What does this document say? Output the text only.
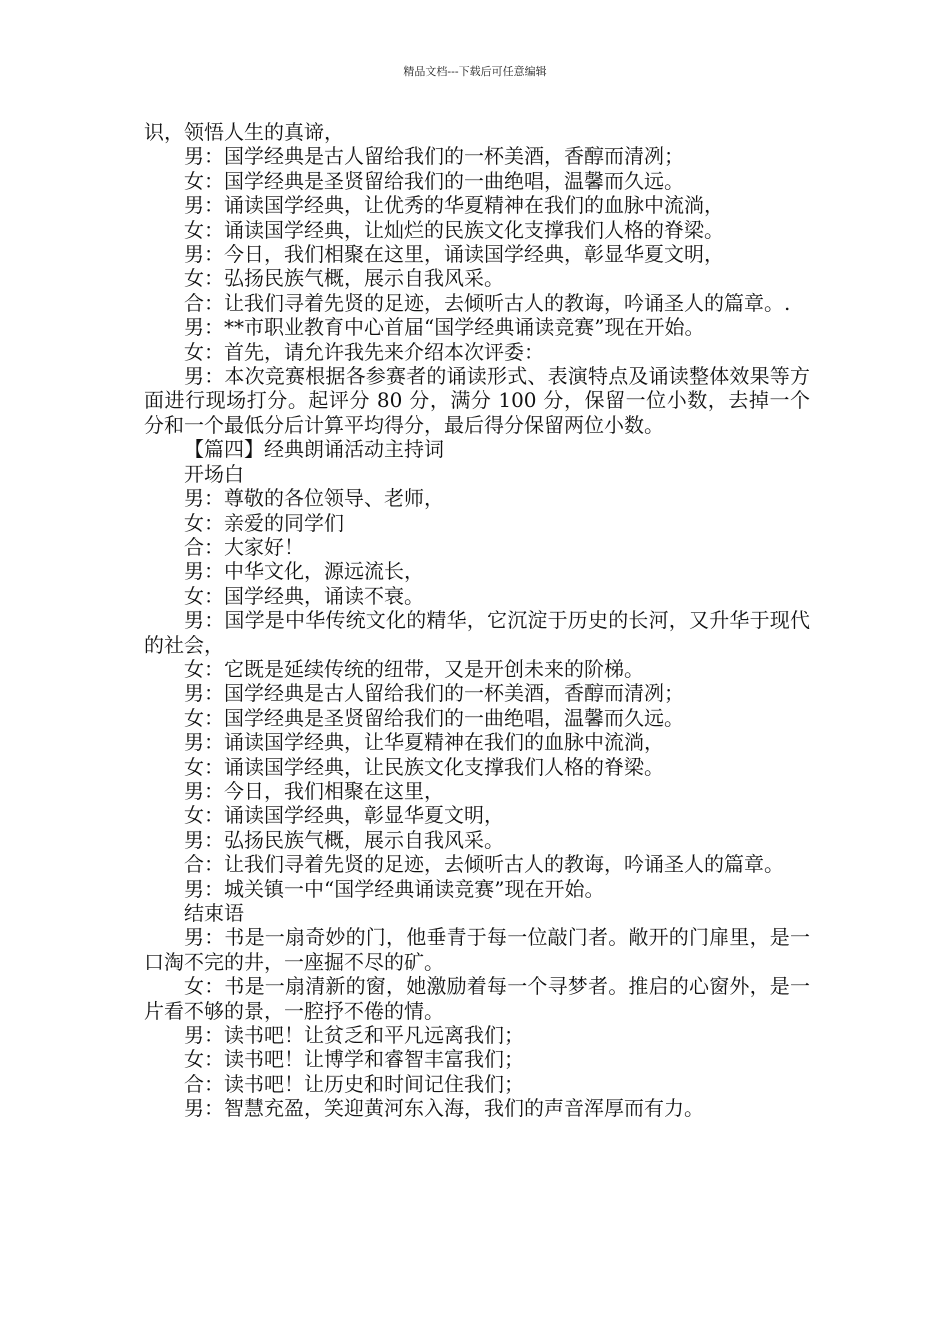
精品文档---下载后可任意编辑

识，领悟人生的真谛，

男：国学经典是古人留给我们的一杯美酒，香醇而清冽；

女：国学经典是圣贤留给我们的一曲绝唱，温馨而久远。

男：诵读国学经典，让优秀的华夏精神在我们的血脉中流淌，

女：诵读国学经典，让灿烂的民族文化支撑我们人格的脊梁。

男：今日，我们相聚在这里，诵读国学经典，彰显华夏文明，

女：弘扬民族气概，展示自我风采。

合：让我们寻着先贤的足迹，去倾听古人的教诲，吟诵圣人的篇章。.

男：**市职业教育中心首届“国学经典诵读竞赛”现在开始。

女：首先，请允许我先来介绍本次评委：

男：本次竞赛根据各参赛者的诵读形式、表演特点及诵读整体效果等方面进行现场打分。起评分 80 分，满分 100 分，保留一位小数，去掉一个分和一个最低分后计算平均得分，最后得分保留两位小数。

【篇四】经典朗诵活动主持词

开场白

男：尊敬的各位领导、老师，

女：亲爱的同学们

合：大家好！

男：中华文化，源远流长，

女：国学经典，诵读不衰。

男：国学是中华传统文化的精华，它沉淀于历史的长河，又升华于现代的社会，

女：它既是延续传统的纽带，又是开创未来的阶梯。

男：国学经典是古人留给我们的一杯美酒，香醇而清冽；

女：国学经典是圣贤留给我们的一曲绝唱，温馨而久远。

男：诵读国学经典，让华夏精神在我们的血脉中流淌，

女：诵读国学经典，让民族文化支撑我们人格的脊梁。

男：今日，我们相聚在这里，

女：诵读国学经典，彰显华夏文明，

男：弘扬民族气概，展示自我风采。

合：让我们寻着先贤的足迹，去倾听古人的教诲，吟诵圣人的篇章。

男：城关镇一中“国学经典诵读竞赛”现在开始。

结束语

男：书是一扇奇妙的门，他垂青于每一位敲门者。敞开的门扉里，是一口淘不完的井，一座掘不尽的矿。

女：书是一扇清新的窗，她激励着每一个寻梦者。推启的心窗外，是一片看不够的景，一腔抒不倦的情。

男：读书吧！让贫乏和平凡远离我们；

女：读书吧！让博学和睿智丰富我们；

合：读书吧！让历史和时间记住我们；

男：智慧充盈，笑迎黄河东入海，我们的声音浑厚而有力。
